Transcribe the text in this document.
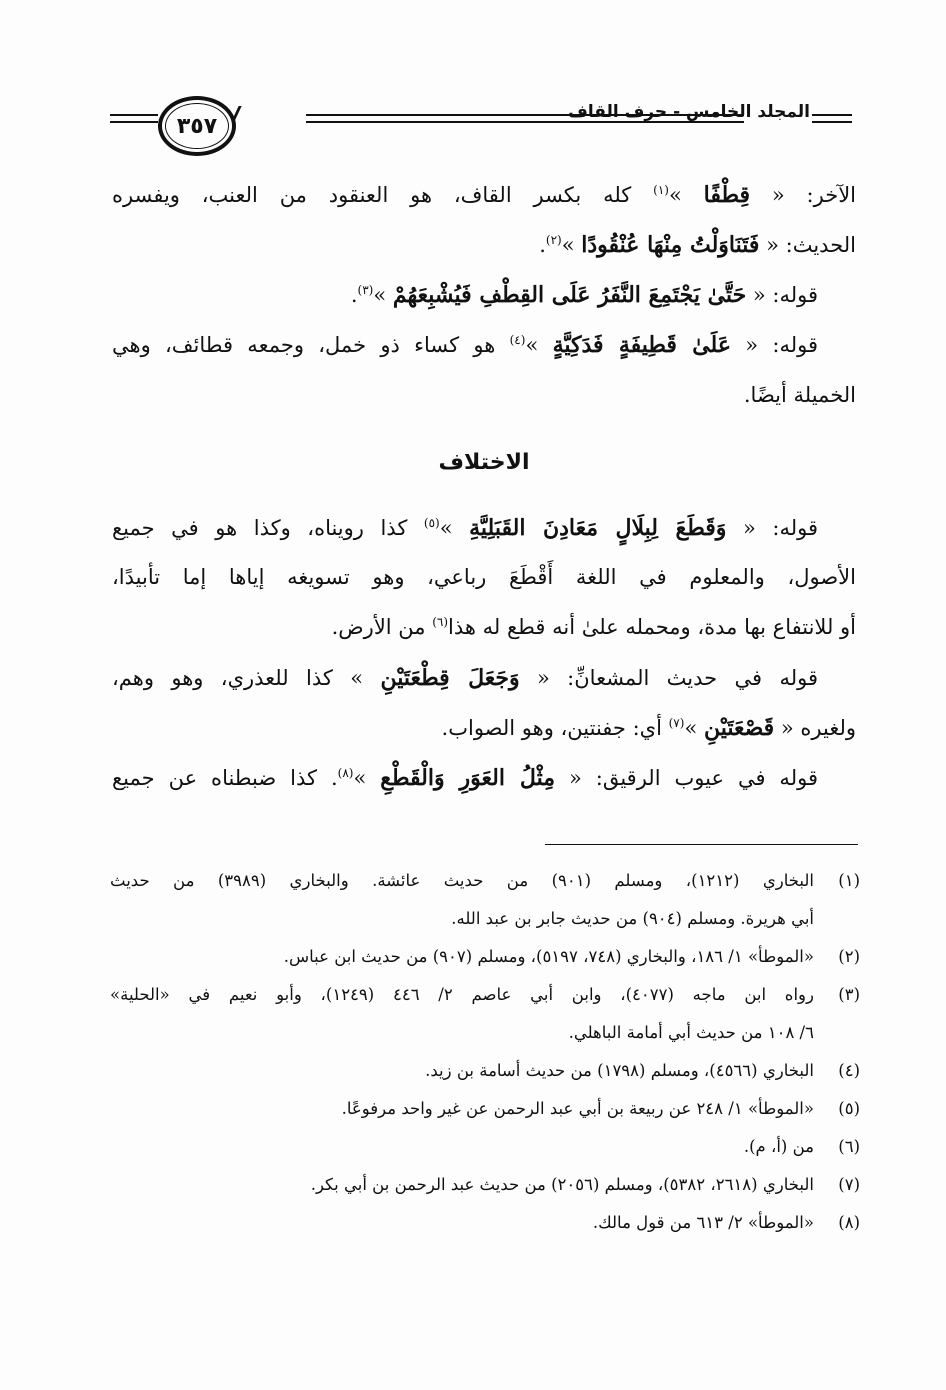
المجلد الخامس - حرف القاف
٣٥٧
الآخر: « قِطْفًا »$^{(١)}$ كله بكسر القاف، هو العنقود من العنب، ويفسره
الحديث: « فَتَنَاوَلْتُ مِنْهَا عُنْقُودًا »$^{(٢)}$.
قوله: « حَتَّىٰ يَجْتَمِعَ النَّفَرُ عَلَى القِطْفِ فَيُشْبِعَهُمْ »$^{(٣)}$.
قوله: « عَلَىٰ قَطِيفَةٍ فَدَكِيَّةٍ »$^{(٤)}$ هو كساء ذو خمل، وجمعه قطائف، وهي
الخميلة أيضًا.
الاختلاف
قوله: « وَقَطَعَ لِبِلَالٍ مَعَادِنَ القَبَلِيَّةِ »$^{(٥)}$ كذا رويناه، وكذا هو في جميع
الأصول، والمعلوم في اللغة أَقْطَعَ رباعي، وهو تسويغه إياها إما تأبيدًا،
أو للانتفاع بها مدة، ومحمله علىٰ أنه قطع له هذا$^{(٦)}$ من الأرض.
قوله في حديث المشعانِّ: « وَجَعَلَ قِطْعَتَيْنِ » كذا للعذري، وهو وهم،
ولغيره « قَصْعَتَيْنِ »$^{(٧)}$ أي: جفنتين، وهو الصواب.
قوله في عيوب الرقيق: « مِثْلُ العَوَرِ وَالْقَطْعِ »$^{(٨)}$. كذا ضبطناه عن جميع
(١)
البخاري (١٢١٢)، ومسلم (٩٠١) من حديث عائشة. والبخاري (٣٩٨٩) من حديث
أبي هريرة. ومسلم (٩٠٤) من حديث جابر بن عبد الله.
(٢)
«الموطأ» ١/ ١٨٦، والبخاري (٧٤٨، ٥١٩٧)، ومسلم (٩٠٧) من حديث ابن عباس.
(٣)
رواه ابن ماجه (٤٠٧٧)، وابن أبي عاصم ٢/ ٤٤٦ (١٢٤٩)، وأبو نعيم في «الحلية»
٦/ ١٠٨ من حديث أبي أمامة الباهلي.
(٤)
البخاري (٤٥٦٦)، ومسلم (١٧٩٨) من حديث أسامة بن زيد.
(٥)
«الموطأ» ١/ ٢٤٨ عن ربيعة بن أبي عبد الرحمن عن غير واحد مرفوعًا.
(٦)
من (أ، م).
(٧)
البخاري (٢٦١٨، ٥٣٨٢)، ومسلم (٢٠٥٦) من حديث عبد الرحمن بن أبي بكر.
(٨)
«الموطأ» ٢/ ٦١٣ من قول مالك.
